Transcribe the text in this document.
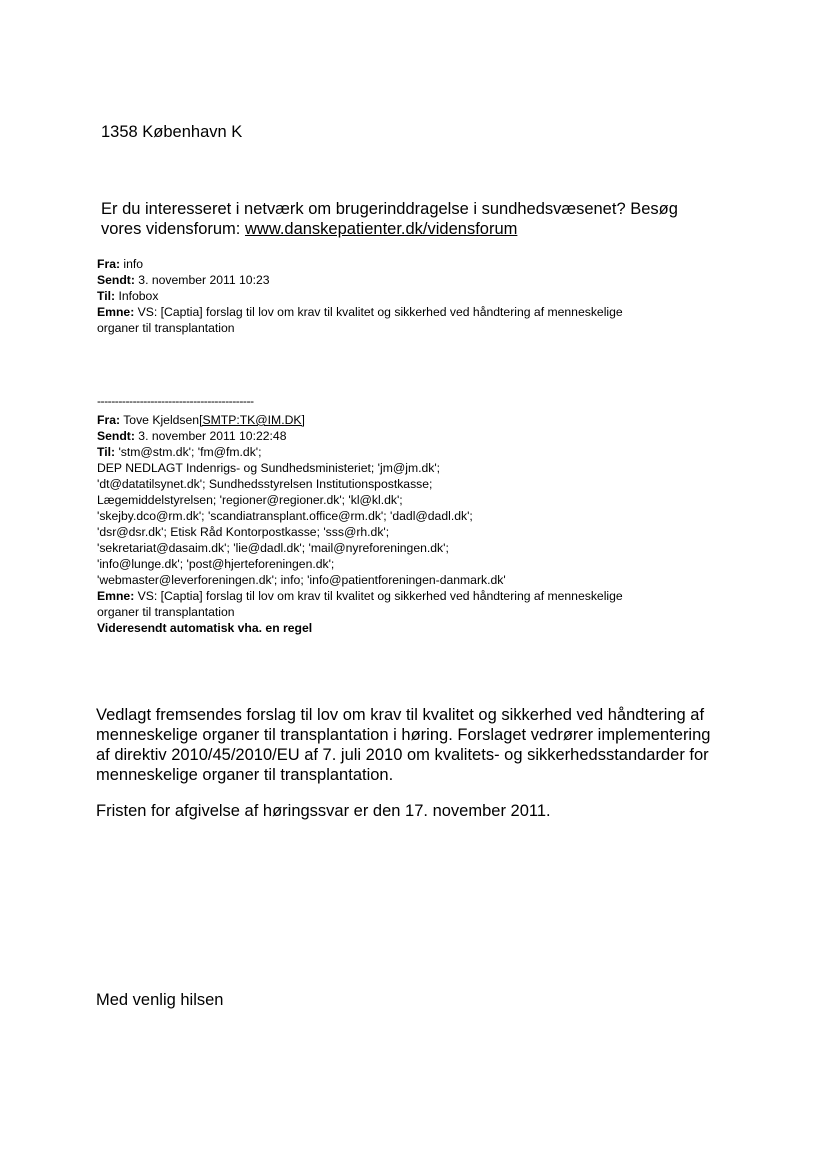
1358 København K
Er du interesseret i netværk om brugerinddragelse i sundhedsvæsenet? Besøg
vores vidensforum: www.danskepatienter.dk/vidensforum
Fra: info
Sendt: 3. november 2011 10:23
Til: Infobox
Emne: VS: [Captia] forslag til lov om krav til kvalitet og sikkerhed ved håndtering af menneskelige
organer til transplantation
--------------------------------------------
Fra: Tove Kjeldsen[SMTP:TK@IM.DK]
Sendt: 3. november 2011 10:22:48
Til: 'stm@stm.dk'; 'fm@fm.dk';
DEP NEDLAGT Indenrigs- og Sundhedsministeriet; 'jm@jm.dk';
'dt@datatilsynet.dk'; Sundhedsstyrelsen Institutionspostkasse;
Lægemiddelstyrelsen; 'regioner@regioner.dk'; 'kl@kl.dk';
'skejby.dco@rm.dk'; 'scandiatransplant.office@rm.dk'; 'dadl@dadl.dk';
'dsr@dsr.dk'; Etisk Råd Kontorpostkasse; 'sss@rh.dk';
'sekretariat@dasaim.dk'; 'lie@dadl.dk'; 'mail@nyreforeningen.dk';
'info@lunge.dk'; 'post@hjerteforeningen.dk';
'webmaster@leverforeningen.dk'; info; 'info@patientforeningen-danmark.dk'
Emne: VS: [Captia] forslag til lov om krav til kvalitet og sikkerhed ved håndtering af menneskelige
organer til transplantation
Videresendt automatisk vha. en regel
Vedlagt fremsendes forslag til lov om krav til kvalitet og sikkerhed ved håndtering af
menneskelige organer til transplantation i høring. Forslaget vedrører implementering
af direktiv 2010/45/2010/EU af 7. juli 2010 om kvalitets- og sikkerhedsstandarder for
menneskelige organer til transplantation.
Fristen for afgivelse af høringssvar er den 17. november 2011.
Med venlig hilsen
